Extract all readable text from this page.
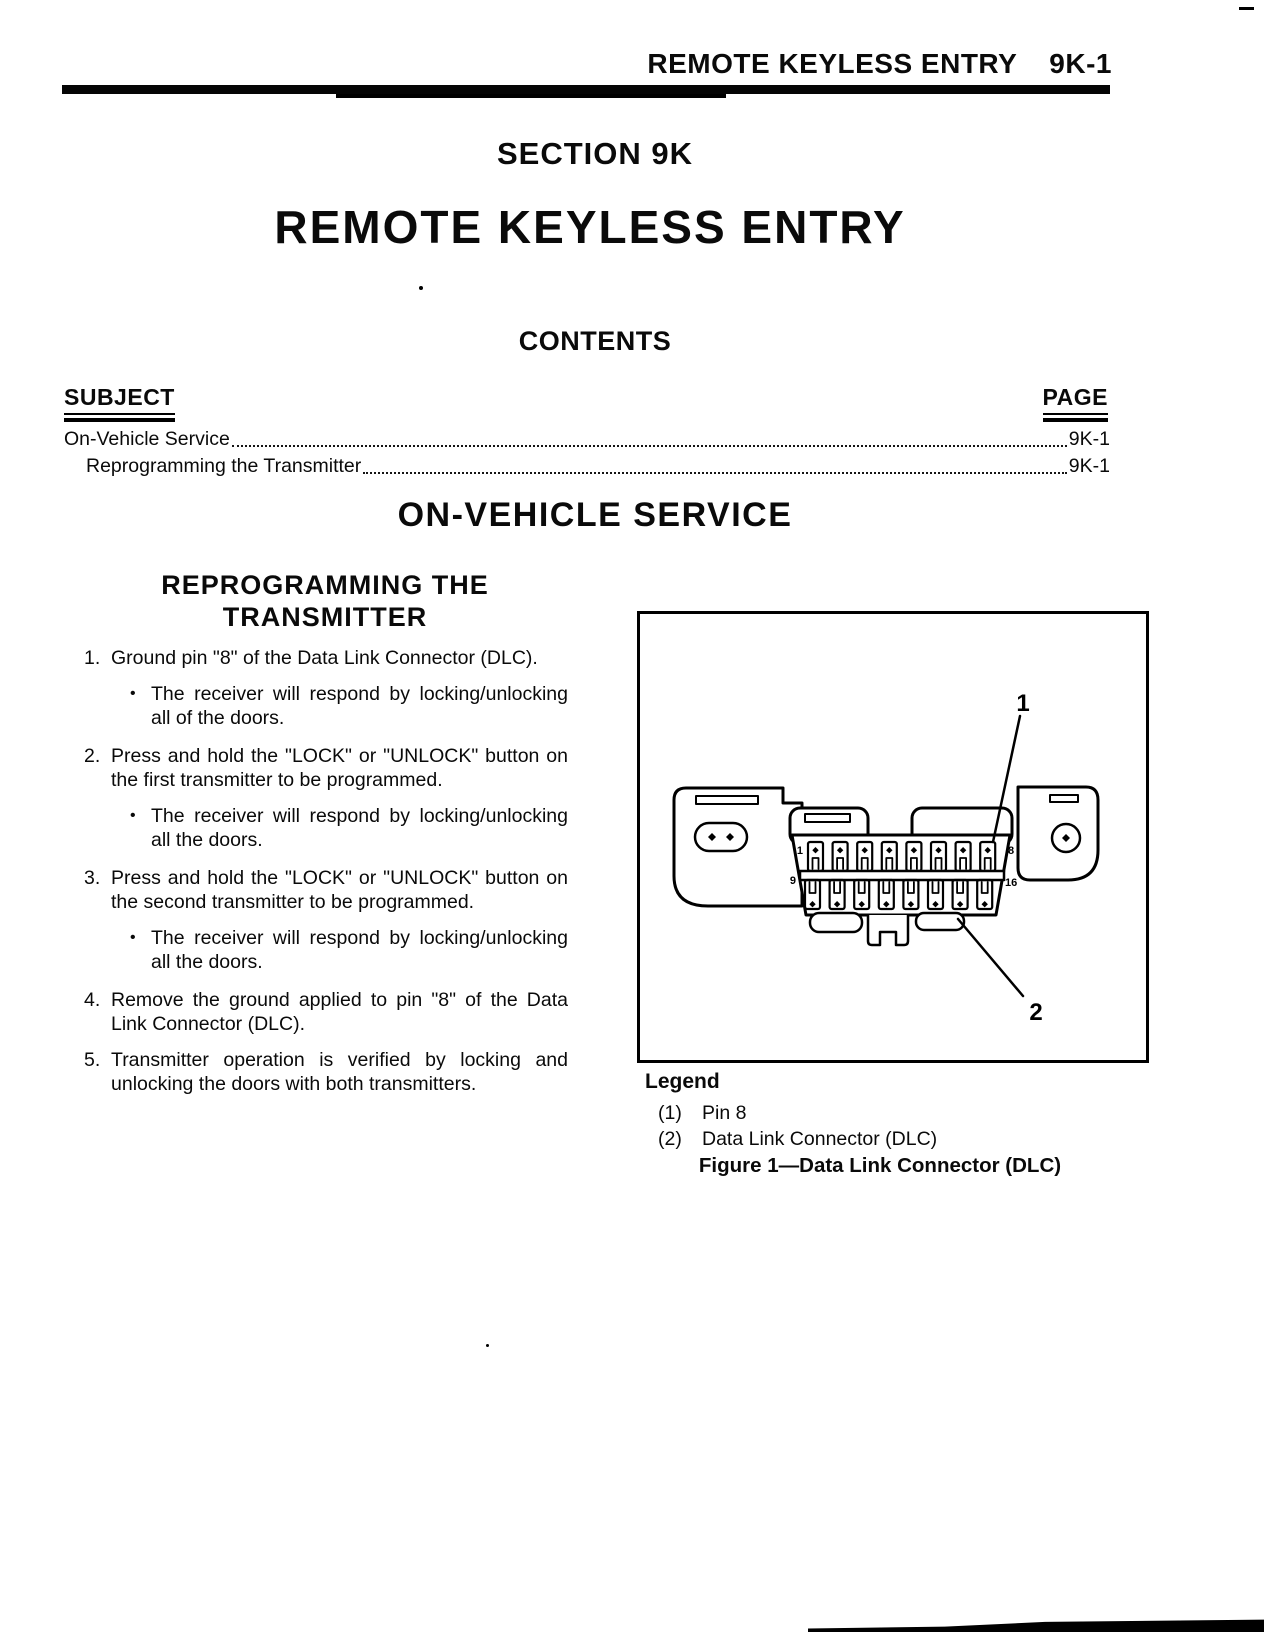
REMOTE KEYLESS ENTRY 9K-1
SECTION 9K
REMOTE KEYLESS ENTRY
CONTENTS
SUBJECT	PAGE
On-Vehicle Service	9K-1
Reprogramming the Transmitter	9K-1
ON-VEHICLE SERVICE
REPROGRAMMING THE
TRANSMITTER
1. Ground pin "8" of the Data Link Connector (DLC).
• The receiver will respond by locking/unlocking all of the doors.
2. Press and hold the "LOCK" or "UNLOCK" button on the first transmitter to be programmed.
• The receiver will respond by locking/unlocking all the doors.
3. Press and hold the "LOCK" or "UNLOCK" button on the second transmitter to be programmed.
• The receiver will respond by locking/unlocking all the doors.
4. Remove the ground applied to pin "8" of the Data Link Connector (DLC).
5. Transmitter operation is verified by locking and unlocking the doors with both transmitters.
1	8
9	16
1
2
Legend
(1)	Pin 8
(2)	Data Link Connector (DLC)
Figure 1—Data Link Connector (DLC)
